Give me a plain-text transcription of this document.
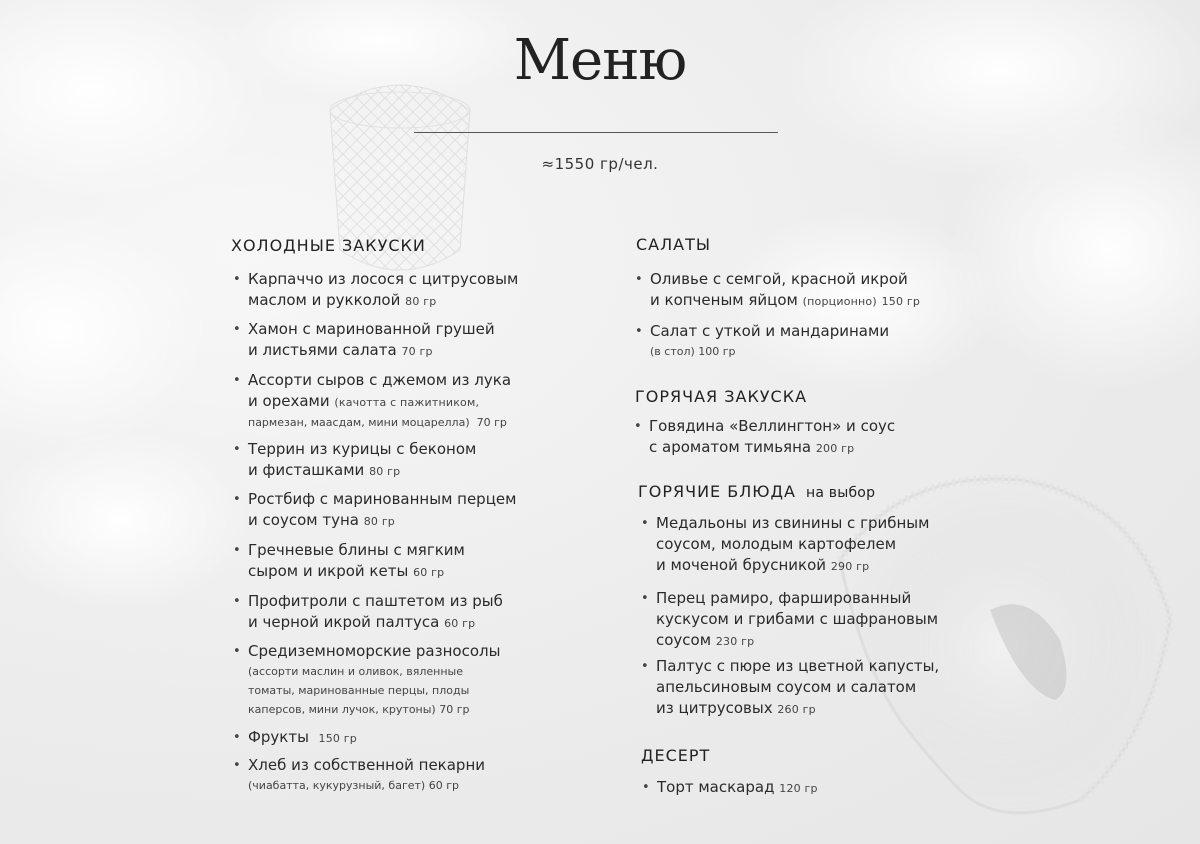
Меню
≈1550 гр/чел.
ХОЛОДНЫЕ ЗАКУСКИ
• Карпаччо из лосося с цитрусовым
маслом и рукколой 80 гр
• Хамон с маринованной грушей
и листьями салата 70 гр
• Ассорти сыров с джемом из лука
и орехами (качотта с пажитником,
пармезан, маасдам, мини моцарелла) 70 гр
• Террин из курицы с беконом
и фисташками 80 гр
• Ростбиф с маринованным перцем
и соусом туна 80 гр
• Гречневые блины с мягким
сыром и икрой кеты 60 гр
• Профитроли с паштетом из рыб
и черной икрой палтуса 60 гр
• Средиземноморские разносолы
(ассорти маслин и оливок, вяленные
томаты, маринованные перцы, плоды
каперсов, мини лучок, крутоны) 70 гр
• Фрукты 150 гр
• Хлеб из собственной пекарни
(чиабатта, кукурузный, багет) 60 гр
САЛАТЫ
• Оливье с семгой, красной икрой
и копченым яйцом (порционно) 150 гр
• Салат с уткой и мандаринами
(в стол) 100 гр
ГОРЯЧАЯ ЗАКУСКА
• Говядина «Веллингтон» и соус
с ароматом тимьяна 200 гр
ГОРЯЧИЕ БЛЮДА на выбор
• Медальоны из свинины с грибным
соусом, молодым картофелем
и моченой брусникой 290 гр
• Перец рамиро, фаршированный
кускусом и грибами с шафрановым
соусом 230 гр
• Палтус с пюре из цветной капусты,
апельсиновым соусом и салатом
из цитрусовых 260 гр
ДЕСЕРТ
• Торт маскарад 120 гр
